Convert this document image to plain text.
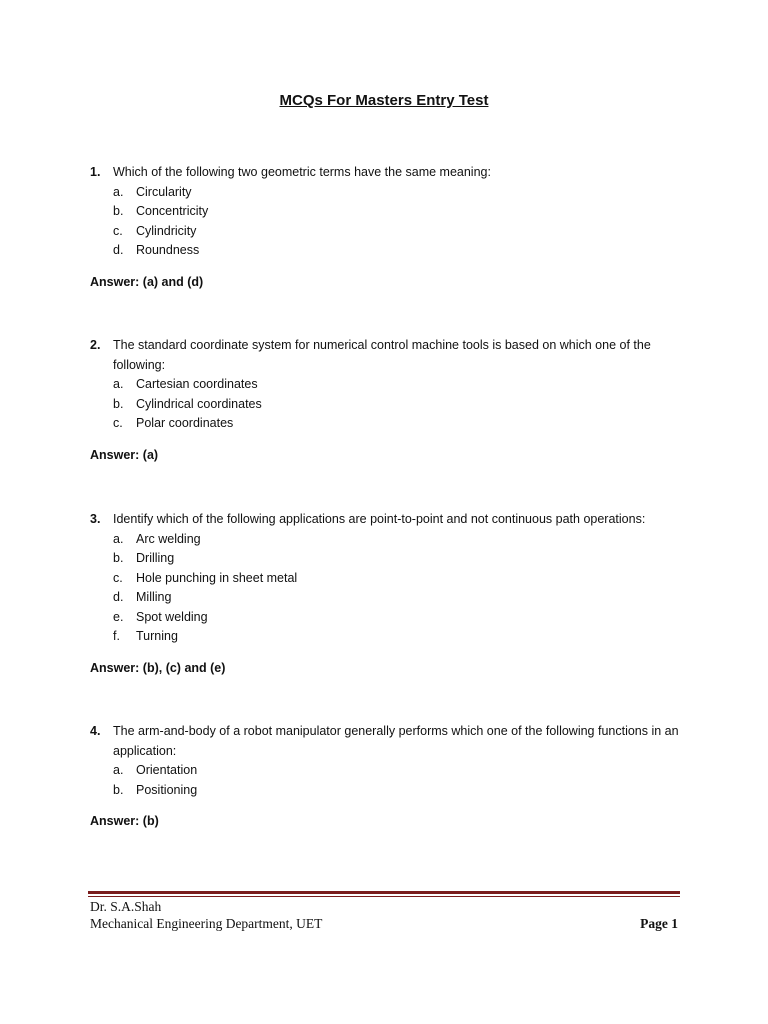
MCQs For Masters Entry Test

1. Which of the following two geometric terms have the same meaning:

a. Circularity
b. Concentricity
c. Cylindricity
d. Roundness
Answer: (a) and (d)

2. The standard coordinate system for numerical control machine tools is based on which one of the following:

a. Cartesian coordinates
b. Cylindrical coordinates
c. Polar coordinates
Answer: (a)

3. Identify which of the following applications are point-to-point and not continuous path operations:

a. Arc welding
b. Drilling
c. Hole punching in sheet metal
d. Milling
e. Spot welding
f. Turning
Answer: (b), (c) and (e)

4. The arm-and-body of a robot manipulator generally performs which one of the following functions in an application:

a. Orientation
b. Positioning
Answer: (b)
Dr. S.A.Shah
Mechanical Engineering Department, UET	Page 1
